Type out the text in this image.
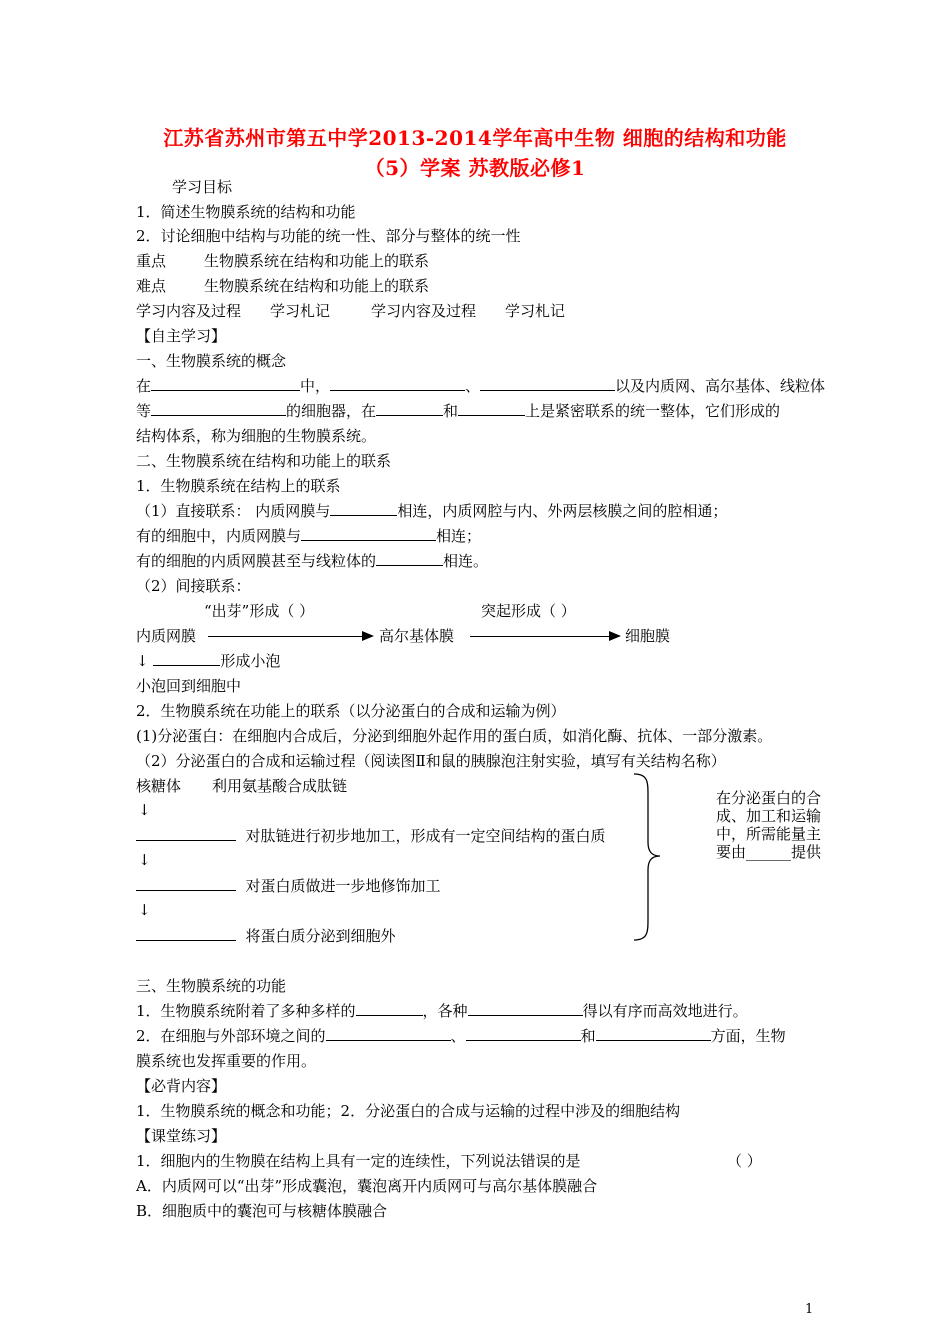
江苏省苏州市第五中学2013-2014学年高中生物 细胞的结构和功能
（5）学案 苏教版必修1
学习目标
1．简述生物膜系统的结构和功能
2．讨论细胞中结构与功能的统一性、部分与整体的统一性
重点	生物膜系统在结构和功能上的联系
难点	生物膜系统在结构和功能上的联系
学习内容及过程 学习札记	学习内容及过程 学习札记
【自主学习】
一、生物膜系统的概念
在	中，	、	以及内质网、高尔基体、线粒体
等	的细胞器，在	和	上是紧密联系的统一整体，它们形成的
结构体系，称为细胞的生物膜系统。
二、生物膜系统在结构和功能上的联系
1．生物膜系统在结构上的联系
（1）直接联系： 内质网膜与	相连，内质网腔与内、外两层核膜之间的腔相通；
有的细胞中，内质网膜与	相连；
有的细胞的内质网膜甚至与线粒体的	相连。
（2）间接联系：
“出芽”形成（ ）	突起形成（ ）
内质网膜	高尔基体膜	细胞膜
↓	形成小泡
小泡回到细胞中
2．生物膜系统在功能上的联系（以分泌蛋白的合成和运输为例）
(1)分泌蛋白：在细胞内合成后，分泌到细胞外起作用的蛋白质，如消化酶、抗体、一部分激素。
（2）分泌蛋白的合成和运输过程（阅读图Ⅱ和鼠的胰腺泡注射实验，填写有关结构名称）
核糖体 利用氨基酸合成肽链
↓
对肽链进行初步地加工，形成有一定空间结构的蛋白质
↓
对蛋白质做进一步地修饰加工
↓
将蛋白质分泌到细胞外
在分泌蛋白的合成、加工和运输中，所需能量主要由______提供
三、生物膜系统的功能
1．生物膜系统附着了多种多样的	，各种	得以有序而高效地进行。
2．在细胞与外部环境之间的	、	和	方面，生物
膜系统也发挥重要的作用。
【必背内容】
1．生物膜系统的概念和功能；2．分泌蛋白的合成与运输的过程中涉及的细胞结构
【课堂练习】
1．细胞内的生物膜在结构上具有一定的连续性，下列说法错误的是	（ ）
A．内质网可以“出芽”形成囊泡，囊泡离开内质网可与高尔基体膜融合
B．细胞质中的囊泡可与核糖体膜融合
1
